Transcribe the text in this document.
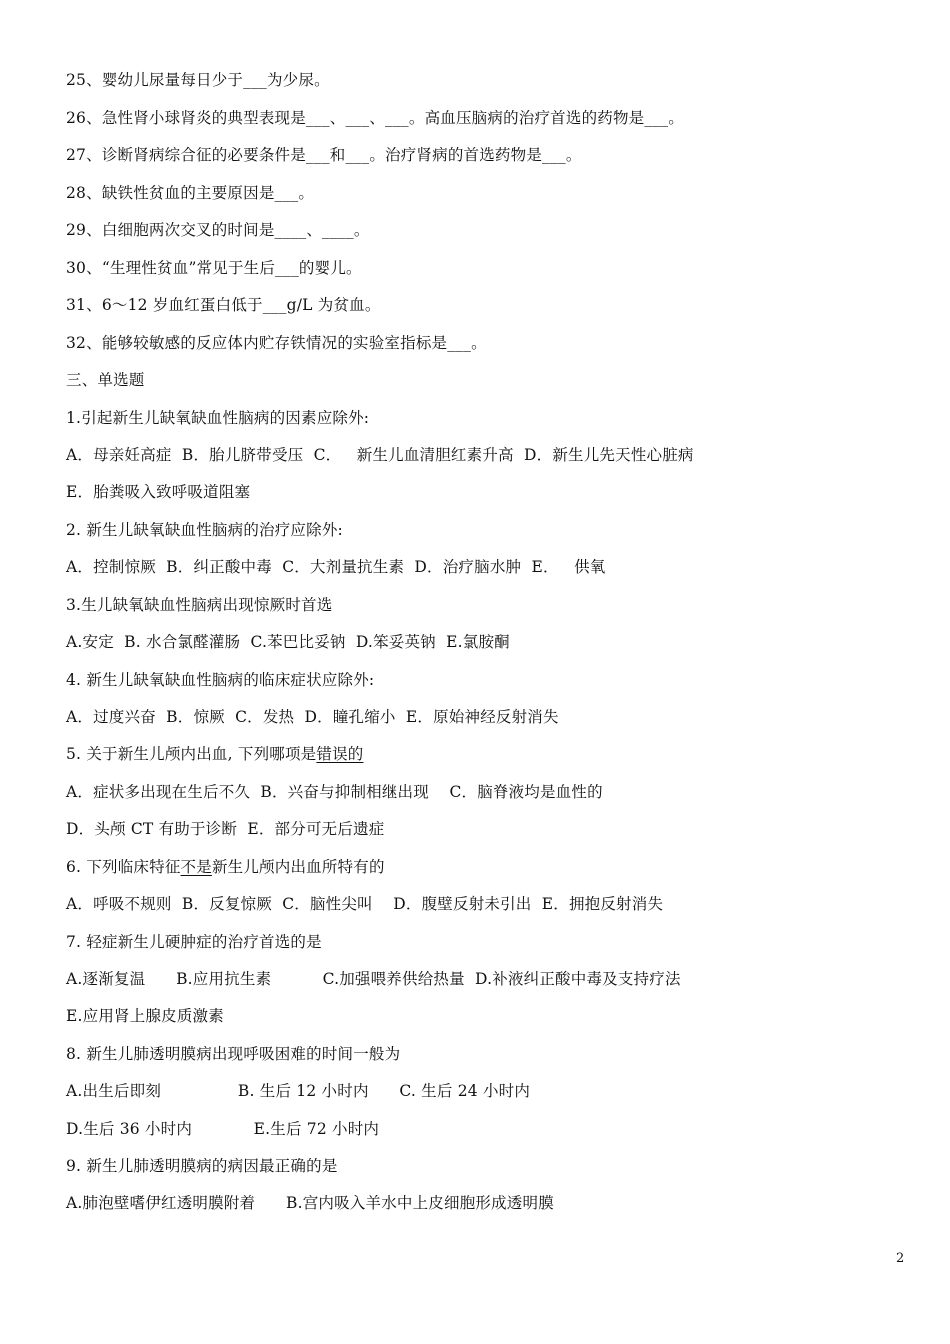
25、婴幼儿尿量每日少于___为少尿。
26、急性肾小球肾炎的典型表现是___、___、___。高血压脑病的治疗首选的药物是___。
27、诊断肾病综合征的必要条件是___和___。治疗肾病的首选药物是___。
28、缺铁性贫血的主要原因是___。
29、白细胞两次交叉的时间是____、____。
30、“生理性贫血”常见于生后___的婴儿。
31、6～12 岁血红蛋白低于___g/L 为贫血。
32、能够较敏感的反应体内贮存铁情况的实验室指标是___。
三、单选题
1.引起新生儿缺氧缺血性脑病的因素应除外:
A．母亲妊高症  B．胎儿脐带受压  C．   新生儿血清胆红素升高  D．新生儿先天性心脏病
E．胎粪吸入致呼吸道阻塞
2. 新生儿缺氧缺血性脑病的治疗应除外:
A．控制惊厥  B．纠正酸中毒  C．大剂量抗生素  D．治疗脑水肿  E．   供氧
3.生儿缺氧缺血性脑病出现惊厥时首选
A.安定  B. 水合氯醛灌肠  C.苯巴比妥钠  D.笨妥英钠  E.氯胺酮
4. 新生儿缺氧缺血性脑病的临床症状应除外:
A．过度兴奋  B．惊厥  C．发热  D．瞳孔缩小  E．原始神经反射消失
5. 关于新生儿颅内出血, 下列哪项是错误的
A．症状多出现在生后不久  B．兴奋与抑制相继出现    C．脑脊液均是血性的
D．头颅 CT 有助于诊断  E．部分可无后遗症
6. 下列临床特征不是新生儿颅内出血所特有的
A．呼吸不规则  B．反复惊厥  C．脑性尖叫    D．腹壁反射未引出  E．拥抱反射消失
7. 轻症新生儿硬肿症的治疗首选的是
A.逐渐复温      B.应用抗生素          C.加强喂养供给热量  D.补液纠正酸中毒及支持疗法
E.应用肾上腺皮质激素
8. 新生儿肺透明膜病出现呼吸困难的时间一般为
A.出生后即刻               B. 生后 12 小时内      C. 生后 24 小时内
D.生后 36 小时内            E.生后 72 小时内
9. 新生儿肺透明膜病的病因最正确的是
A.肺泡壁嗜伊红透明膜附着      B.宫内吸入羊水中上皮细胞形成透明膜
2
